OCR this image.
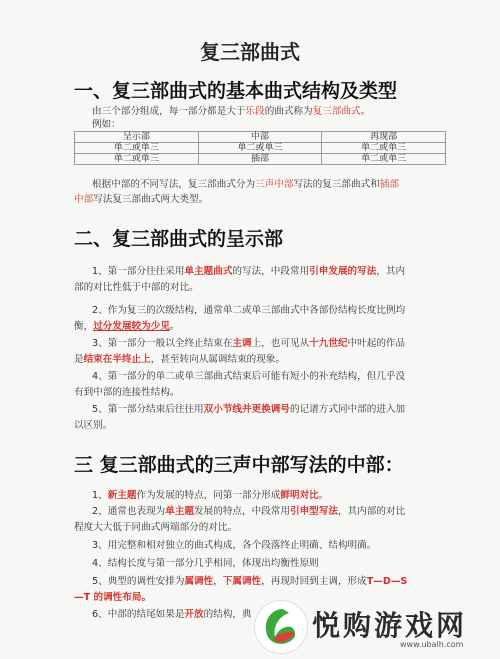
复三部曲式
一、复三部曲式的基本曲式结构及类型
由三个部分组成，每一部分都是大于乐段的曲式称为复三部曲式。
例如：
呈示部	中部	再现部
单二或单三	单二或单三	单二或单三
单二或单三	插部	单二或单三
根据中部的不同写法，复三部曲式分为三声中部写法的复三部曲式和插部
中部写法复三部曲式两大类型。
二、复三部曲式的呈示部
1、第一部分往往采用单主题曲式的写法，中段常用引申发展的写法，其内
部的对比性低于中部的对比。
2、作为复三的次级结构，通常单二或单三部曲式中各部份结构长度比例均
衡，过分发展较为少见。
3、第一部分一般以全终止结束在主调上，也可见从十九世纪中叶起的作品
是结束在半终止上，甚至转向从属调结束的现象。
4、第一部分的单二或单三部曲式结束后可能有短小的补充结构，但几乎没
有到中部的连接性结构。
5、第一部分结束后往往用双小节线并更换调号的记谱方式同中部的进入加
以区别。
三 复三部曲式的三声中部写法的中部：
1、新主题作为发展的特点，同第一部分形成鲜明对比。
2、通常也表现为单主题发展的特点，中段常用引申型写法，其内部的对比
程度大大低于同曲式两端部分的对比。
3、用完整和相对独立的曲式构成，各个段落终止明确、结构明确。
4、结构长度与第一部分几乎相同，体现出均衡性原则
5、典型的调性安排为属调性，下属调性，再现时回到主调，形成T—D—S
—T 的调性布局。
6、中部的结尾如果是开放的结构，典 悦购游戏网
www.ubalh.com
